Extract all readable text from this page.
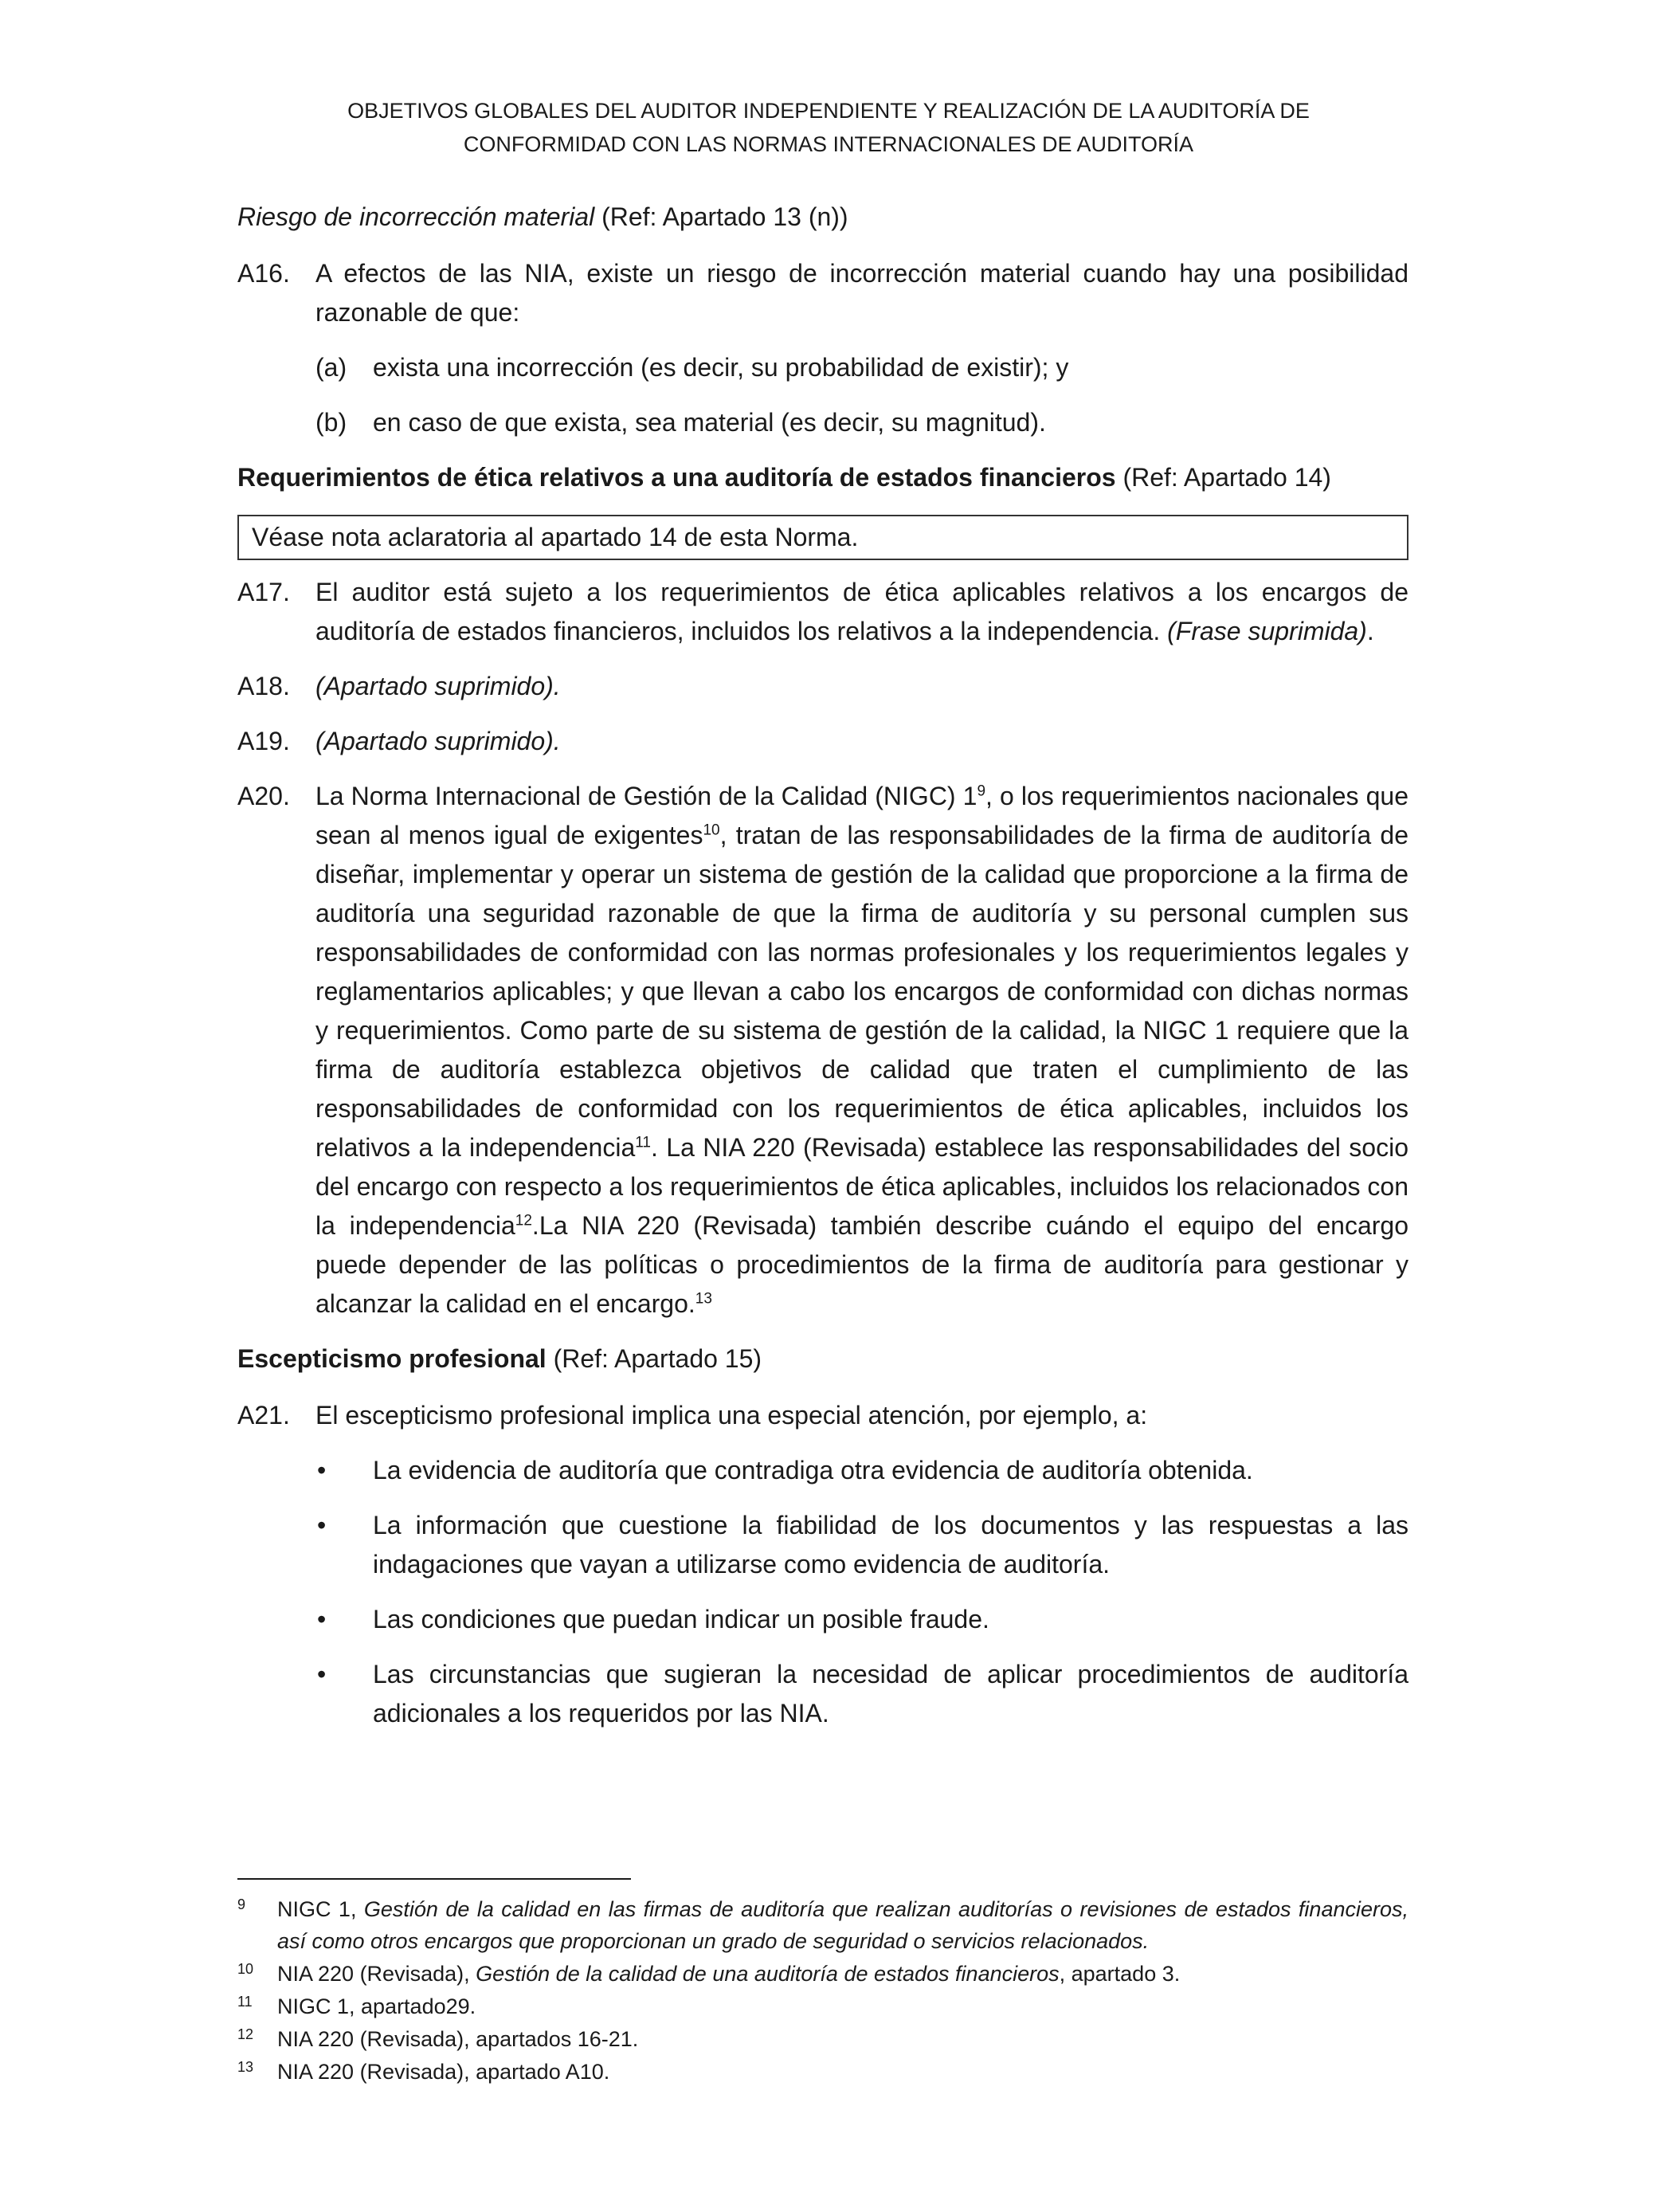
OBJETIVOS GLOBALES DEL AUDITOR INDEPENDIENTE Y REALIZACIÓN DE LA AUDITORÍA DE
CONFORMIDAD CON LAS NORMAS INTERNACIONALES DE AUDITORÍA
Riesgo de incorrección material (Ref: Apartado 13 (n))
A16. A efectos de las NIA, existe un riesgo de incorrección material cuando hay una posibilidad razonable de que:
(a) exista una incorrección (es decir, su probabilidad de existir); y
(b) en caso de que exista, sea material (es decir, su magnitud).
Requerimientos de ética relativos a una auditoría de estados financieros (Ref: Apartado 14)
Véase nota aclaratoria al apartado 14 de esta Norma.
A17. El auditor está sujeto a los requerimientos de ética aplicables relativos a los encargos de auditoría de estados financieros, incluidos los relativos a la independencia. (Frase suprimida).
A18. (Apartado suprimido).
A19. (Apartado suprimido).
A20. La Norma Internacional de Gestión de la Calidad (NIGC) $1^9$, o los requerimientos nacionales que sean al menos igual de exigentes$^{10}$, tratan de las responsabilidades de la firma de auditoría de diseñar, implementar y operar un sistema de gestión de la calidad que proporcione a la firma de auditoría una seguridad razonable de que la firma de auditoría y su personal cumplen sus responsabilidades de conformidad con las normas profesionales y los requerimientos legales y reglamentarios aplicables; y que llevan a cabo los encargos de conformidad con dichas normas y requerimientos. Como parte de su sistema de gestión de la calidad, la NIGC 1 requiere que la firma de auditoría establezca objetivos de calidad que traten el cumplimiento de las responsabilidades de conformidad con los requerimientos de ética aplicables, incluidos los relativos a la independencia$^{11}$. La NIA 220 (Revisada) establece las responsabilidades del socio del encargo con respecto a los requerimientos de ética aplicables, incluidos los relacionados con la independencia$^{12}$.La NIA 220 (Revisada) también describe cuándo el equipo del encargo puede depender de las políticas o procedimientos de la firma de auditoría para gestionar y alcanzar la calidad en el encargo.$^{13}$
Escepticismo profesional (Ref: Apartado 15)
A21. El escepticismo profesional implica una especial atención, por ejemplo, a:
• La evidencia de auditoría que contradiga otra evidencia de auditoría obtenida.
• La información que cuestione la fiabilidad de los documentos y las respuestas a las indagaciones que vayan a utilizarse como evidencia de auditoría.
• Las condiciones que puedan indicar un posible fraude.
• Las circunstancias que sugieran la necesidad de aplicar procedimientos de auditoría adicionales a los requeridos por las NIA.
9 NIGC 1, Gestión de la calidad en las firmas de auditoría que realizan auditorías o revisiones de estados financieros, así como otros encargos que proporcionan un grado de seguridad o servicios relacionados.
10 NIA 220 (Revisada), Gestión de la calidad de una auditoría de estados financieros, apartado 3.
11 NIGC 1, apartado29.
12 NIA 220 (Revisada), apartados 16-21.
13 NIA 220 (Revisada), apartado A10.
